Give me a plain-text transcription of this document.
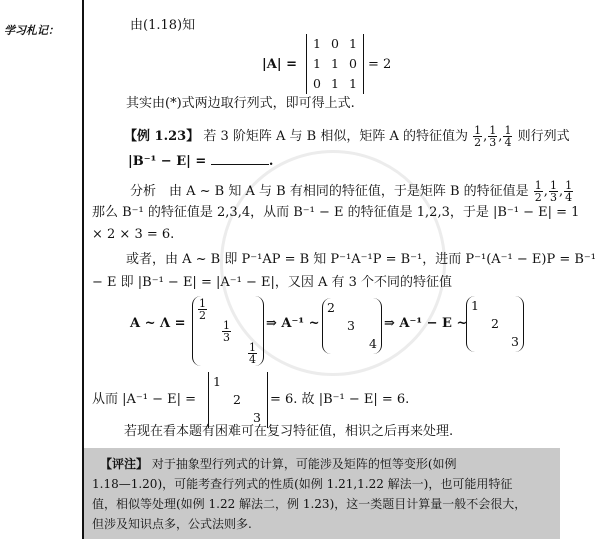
学习札记：	由(1.18)知
|A| =
1 0 1
1 1 0
0 1 1
= 2
其实由(*)式两边取行列式，即可得上式.
【例 1.23】 若 3 阶矩阵 A 与 B 相似，矩阵 A 的特征值为 $\frac{1}{2}$ , $\frac{1}{3}$ , $\frac{1}{4}$ 则行列式
|B⁻¹ − E| =	.
分析　由 A ~ B 知 A 与 B 有相同的特征值，于是矩阵 B 的特征值是 $\frac{1}{2}$ , $\frac{1}{3}$ , $\frac{1}{4}$
那么 B⁻¹ 的特征值是 2,3,4，从而 B⁻¹ − E 的特征值是 1,2,3，于是 |B⁻¹ − E| = 1
× 2 × 3 = 6.
或者，由 A ~ B 即 P⁻¹AP = B 知 P⁻¹A⁻¹P = B⁻¹，进而 P⁻¹(A⁻¹ − E)P = B⁻¹
− E 即 |B⁻¹ − E| = |A⁻¹ − E|，又因 A 有 3 个不同的特征值
A ~ Λ =
$\frac{1}{2}$
$\frac{1}{3}$
$\frac{1}{4}$
⇒ A⁻¹ ~
2
3
4
⇒ A⁻¹ − E ~
1
2
3
从而 |A⁻¹ − E| =
1
2
3
= 6. 故 |B⁻¹ − E| = 6.
若现在看本题有困难可在复习特征值，相识之后再来处理.
【评注】 对于抽象型行列式的计算，可能涉及矩阵的恒等变形(如例
1.18—1.20)，可能考查行列式的性质(如例 1.21,1.22 解法一)，也可能用特征
值，相似等处理(如例 1.22 解法二，例 1.23)，这一类题目计算量一般不会很大，
但涉及知识点多，公式法则多.
